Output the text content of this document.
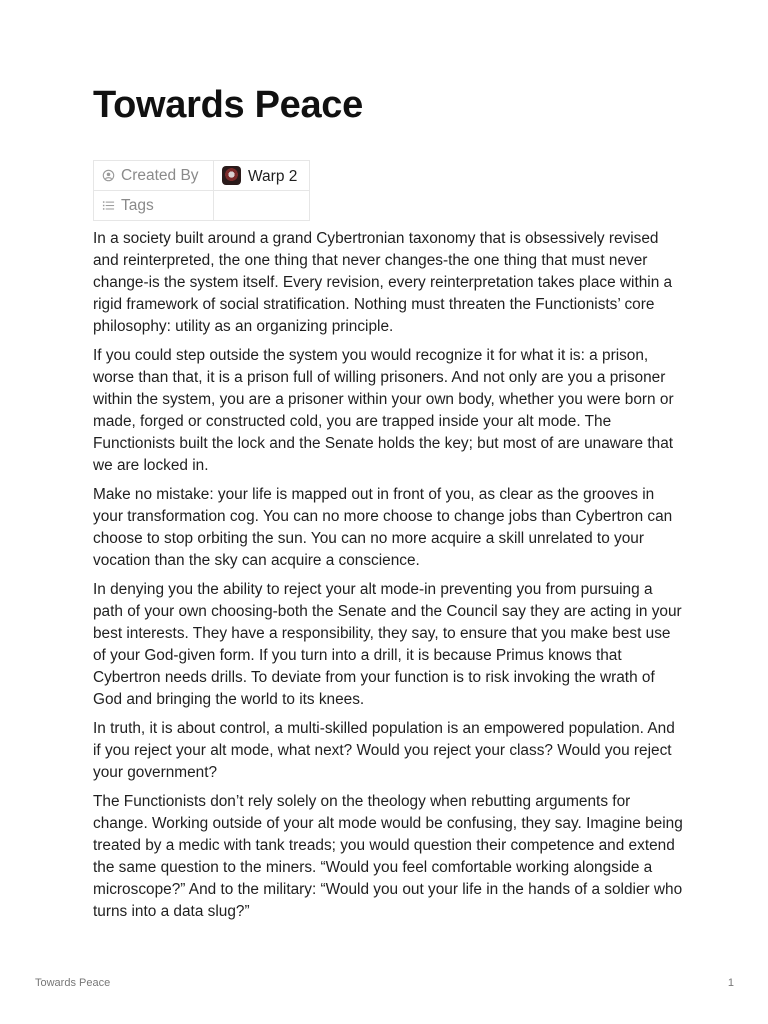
Towards Peace
Created By	Warp 2
Tags	

In a society built around a grand Cybertronian taxonomy that is obsessively revised and reinterpreted, the one thing that never changes-the one thing that must never change-is the system itself. Every revision, every reinterpretation takes place within a rigid framework of social stratification. Nothing must threaten the Functionists’ core philosophy: utility as an organizing principle.

If you could step outside the system you would recognize it for what it is: a prison, worse than that, it is a prison full of willing prisoners. And not only are you a prisoner within the system, you are a prisoner within your own body, whether you were born or made, forged or constructed cold, you are trapped inside your alt mode. The Functionists built the lock and the Senate holds the key; but most of are unaware that we are locked in.

Make no mistake: your life is mapped out in front of you, as clear as the grooves in your transformation cog. You can no more choose to change jobs than Cybertron can choose to stop orbiting the sun. You can no more acquire a skill unrelated to your vocation than the sky can acquire a conscience.

In denying you the ability to reject your alt mode-in preventing you from pursuing a path of your own choosing-both the Senate and the Council say they are acting in your best interests. They have a responsibility, they say, to ensure that you make best use of your God-given form. If you turn into a drill, it is because Primus knows that Cybertron needs drills. To deviate from your function is to risk invoking the wrath of God and bringing the world to its knees.

In truth, it is about control, a multi-skilled population is an empowered population. And if you reject your alt mode, what next? Would you reject your class? Would you reject your government?

The Functionists don’t rely solely on the theology when rebutting arguments for change. Working outside of your alt mode would be confusing, they say. Imagine being treated by a medic with tank treads; you would question their competence and extend the same question to the miners. “Would you feel comfortable working alongside a microscope?” And to the military: “Would you out your life in the hands of a soldier who turns into a data slug?”

Towards Peace	1
